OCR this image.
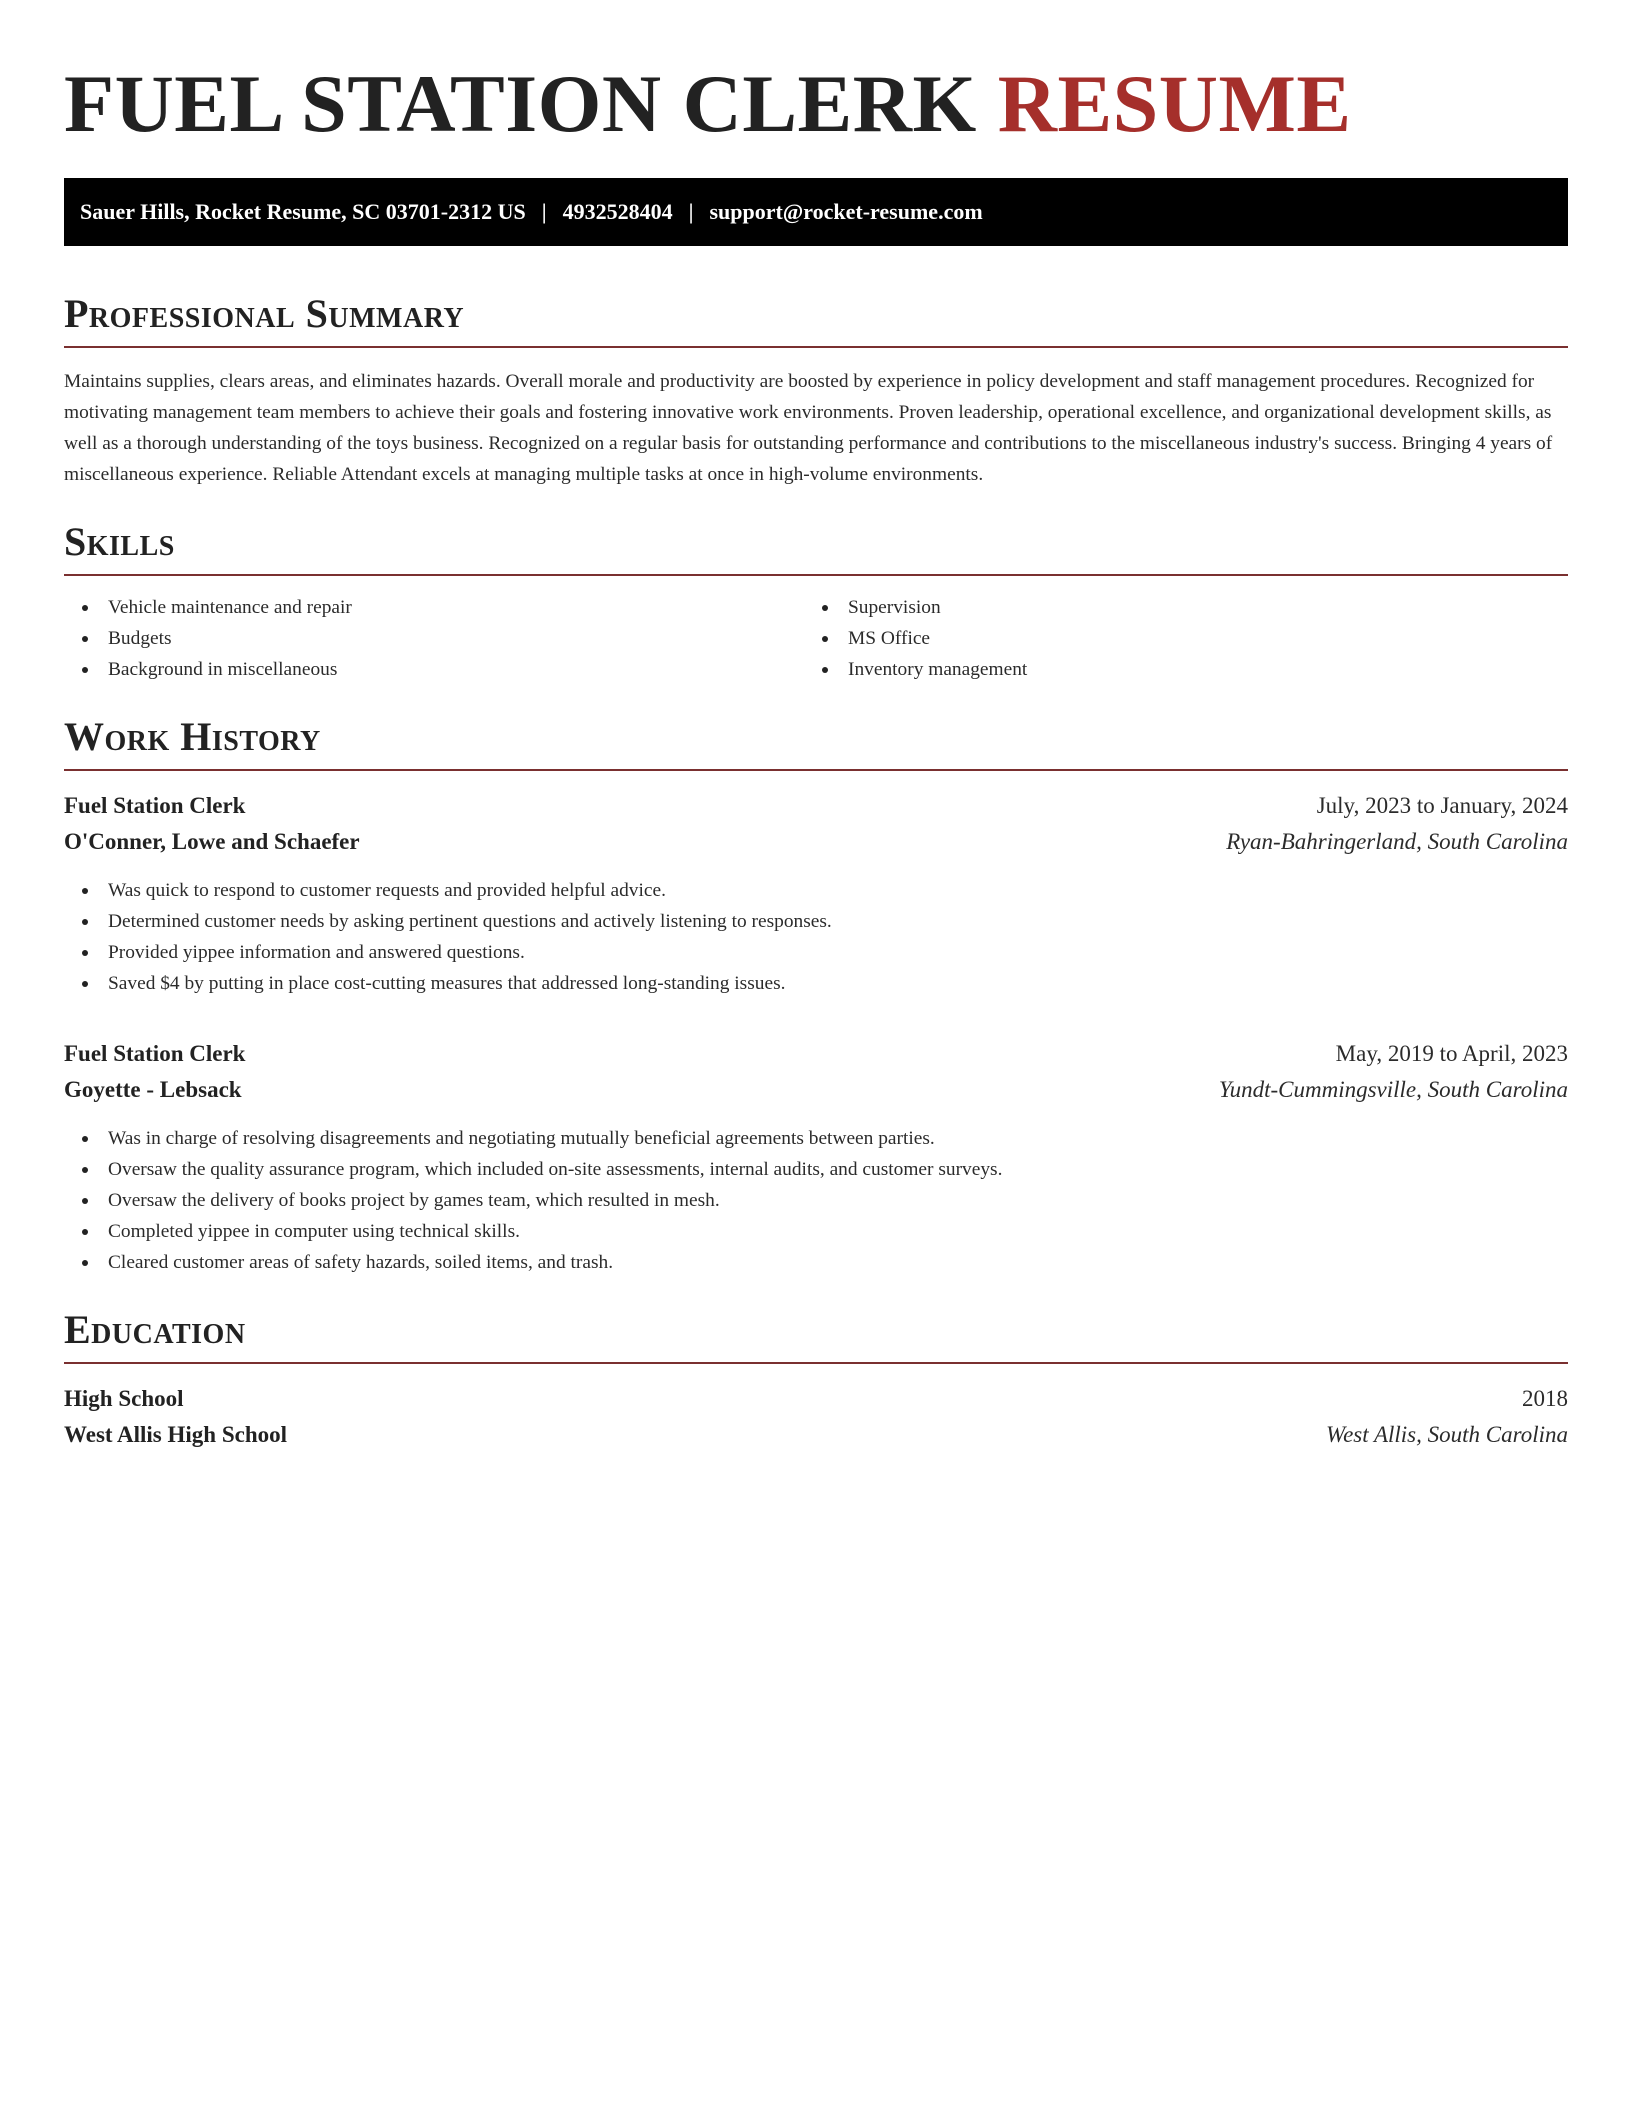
FUEL STATION CLERK RESUME
Sauer Hills, Rocket Resume, SC 03701-2312 US | 4932528404 | support@rocket-resume.com
Professional Summary

Maintains supplies, clears areas, and eliminates hazards. Overall morale and productivity are boosted by experience in policy development and staff management procedures. Recognized for motivating management team members to achieve their goals and fostering innovative work environments. Proven leadership, operational excellence, and organizational development skills, as well as a thorough understanding of the toys business. Recognized on a regular basis for outstanding performance and contributions to the miscellaneous industry's success. Bringing 4 years of miscellaneous experience. Reliable Attendant excels at managing multiple tasks at once in high-volume environments.

Skills
Vehicle maintenance and repair
Budgets
Background in miscellaneous
Supervision
MS Office
Inventory management
Work History
Fuel Station Clerk	July, 2023 to January, 2024
O'Conner, Lowe and Schaefer	Ryan-Bahringerland, South Carolina
Was quick to respond to customer requests and provided helpful advice.
Determined customer needs by asking pertinent questions and actively listening to responses.
Provided yippee information and answered questions.
Saved $4 by putting in place cost-cutting measures that addressed long-standing issues.
Fuel Station Clerk	May, 2019 to April, 2023
Goyette - Lebsack	Yundt-Cummingsville, South Carolina
Was in charge of resolving disagreements and negotiating mutually beneficial agreements between parties.
Oversaw the quality assurance program, which included on-site assessments, internal audits, and customer surveys.
Oversaw the delivery of books project by games team, which resulted in mesh.
Completed yippee in computer using technical skills.
Cleared customer areas of safety hazards, soiled items, and trash.
Education
High School	2018
West Allis High School	West Allis, South Carolina
